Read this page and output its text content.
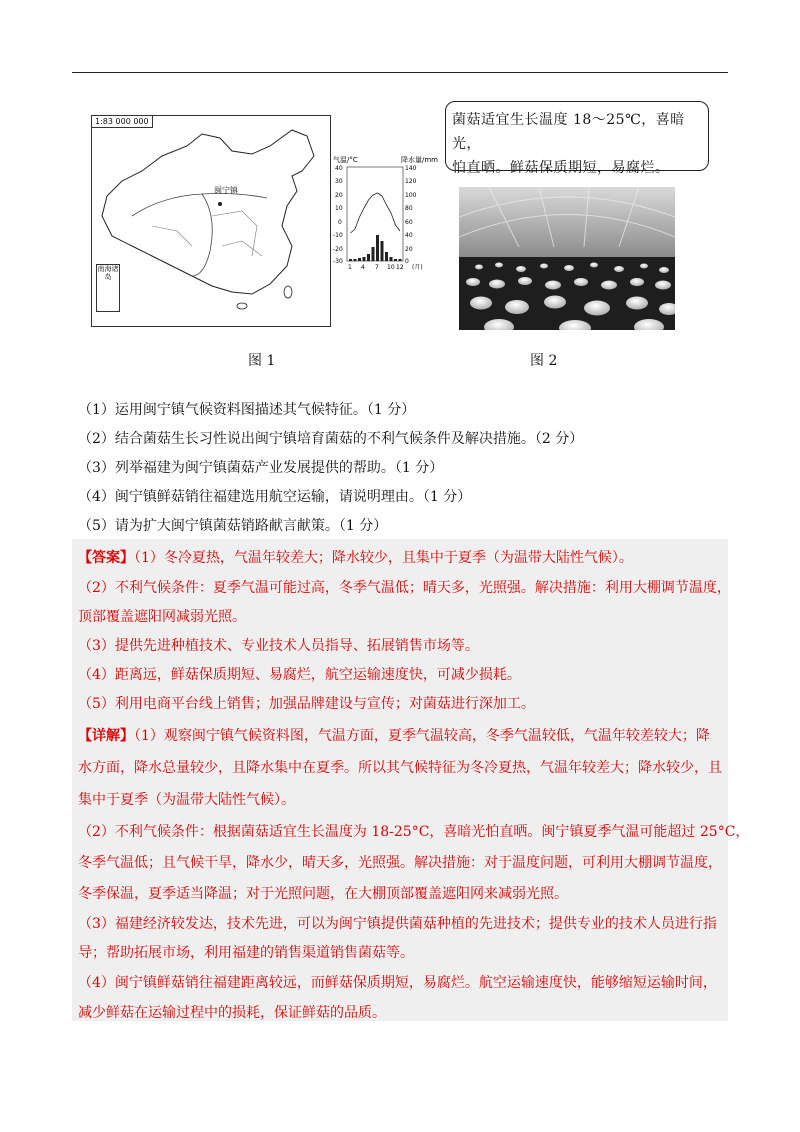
1:83 000 000
闽宁镇
南海诸岛
气温/°C	降水量/mm
40
30
20
10
0
-10
-20
-30
140
120
100
80
60
40
20
0
1 4 7 10 12 (月)
图 1
菌菇适宜生长温度 18～25℃，喜暗光，
怕直晒。鲜菇保质期短，易腐烂。
图 2
（1）运用闽宁镇气候资料图描述其气候特征。（1 分）
（2）结合菌菇生长习性说出闽宁镇培育菌菇的不利气候条件及解决措施。（2 分）
（3）列举福建为闽宁镇菌菇产业发展提供的帮助。（1 分）
（4）闽宁镇鲜菇销往福建选用航空运输，请说明理由。（1 分）
（5）请为扩大闽宁镇菌菇销路献言献策。（1 分）
【答案】（1）冬冷夏热，气温年较差大；降水较少，且集中于夏季（为温带大陆性气候）。
（2）不利气候条件：夏季气温可能过高，冬季气温低；晴天多，光照强。解决措施：利用大棚调节温度，
顶部覆盖遮阳网减弱光照。
（3）提供先进种植技术、专业技术人员指导、拓展销售市场等。
（4）距离远，鲜菇保质期短、易腐烂，航空运输速度快，可减少损耗。
（5）利用电商平台线上销售；加强品牌建设与宣传；对菌菇进行深加工。
【详解】（1）观察闽宁镇气候资料图，气温方面，夏季气温较高，冬季气温较低，气温年较差较大；降
水方面，降水总量较少，且降水集中在夏季。所以其气候特征为冬冷夏热，气温年较差大；降水较少，且
集中于夏季（为温带大陆性气候）。
（2）不利气候条件：根据菌菇适宜生长温度为 18-25°C，喜暗光怕直晒。闽宁镇夏季气温可能超过 25°C，
冬季气温低；且气候干旱，降水少，晴天多，光照强。解决措施：对于温度问题，可利用大棚调节温度，
冬季保温，夏季适当降温；对于光照问题，在大棚顶部覆盖遮阳网来减弱光照。
（3）福建经济较发达，技术先进，可以为闽宁镇提供菌菇种植的先进技术；提供专业的技术人员进行指
导；帮助拓展市场，利用福建的销售渠道销售菌菇等。
（4）闽宁镇鲜菇销往福建距离较远，而鲜菇保质期短，易腐烂。航空运输速度快，能够缩短运输时间，
减少鲜菇在运输过程中的损耗，保证鲜菇的品质。
